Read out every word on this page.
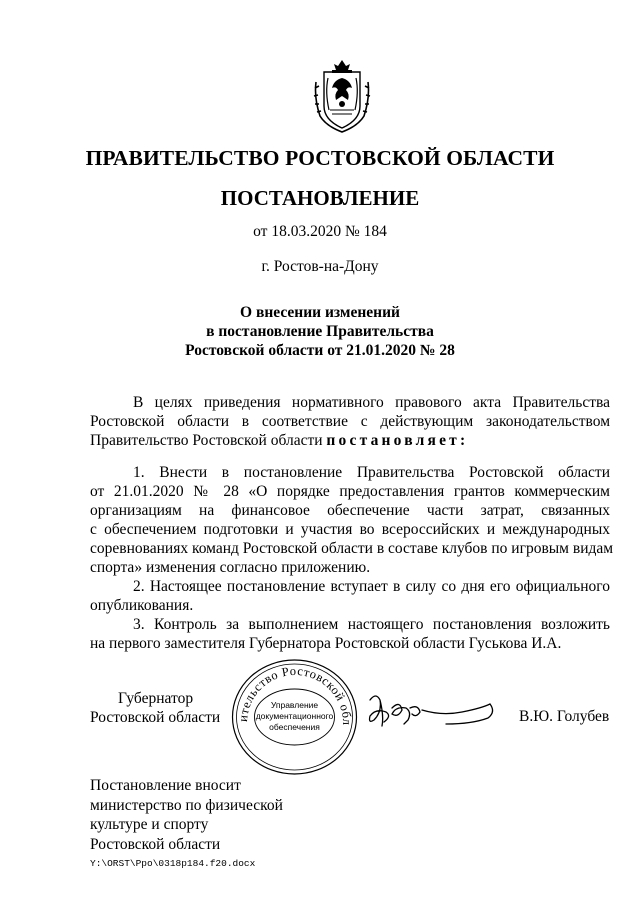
ПРАВИТЕЛЬСТВО РОСТОВСКОЙ ОБЛАСТИ
ПОСТАНОВЛЕНИЕ
от 18.03.2020 № 184
г. Ростов-на-Дону
О внесении изменений
в постановление Правительства
Ростовской области от 21.01.2020 № 28
В целях приведения нормативного правового акта Правительства
Ростовской области в соответствие с действующим законодательством
Правительство Ростовской области постановляет:
1. Внести в постановление Правительства Ростовской области
от 21.01.2020 № 28 «О порядке предоставления грантов коммерческим
организациям на финансовое обеспечение части затрат, связанных
с обеспечением подготовки и участия во всероссийских и международных
соревнованиях команд Ростовской области в составе клубов по игровым видам
спорта» изменения согласно приложению.
2. Настоящее постановление вступает в силу со дня его официального
опубликования.
3. Контроль за выполнением настоящего постановления возложить
на первого заместителя Губернатора Ростовской области Гуськова И.А.
Губернатор
Ростовской области	ительство Ростовской обл
Управление
документационного
обеспечения
В.Ю. Голубев
Постановление вносит
министерство по физической
культуре и спорту
Ростовской области
Y:\ORST\Ppo\0318p184.f20.docx
